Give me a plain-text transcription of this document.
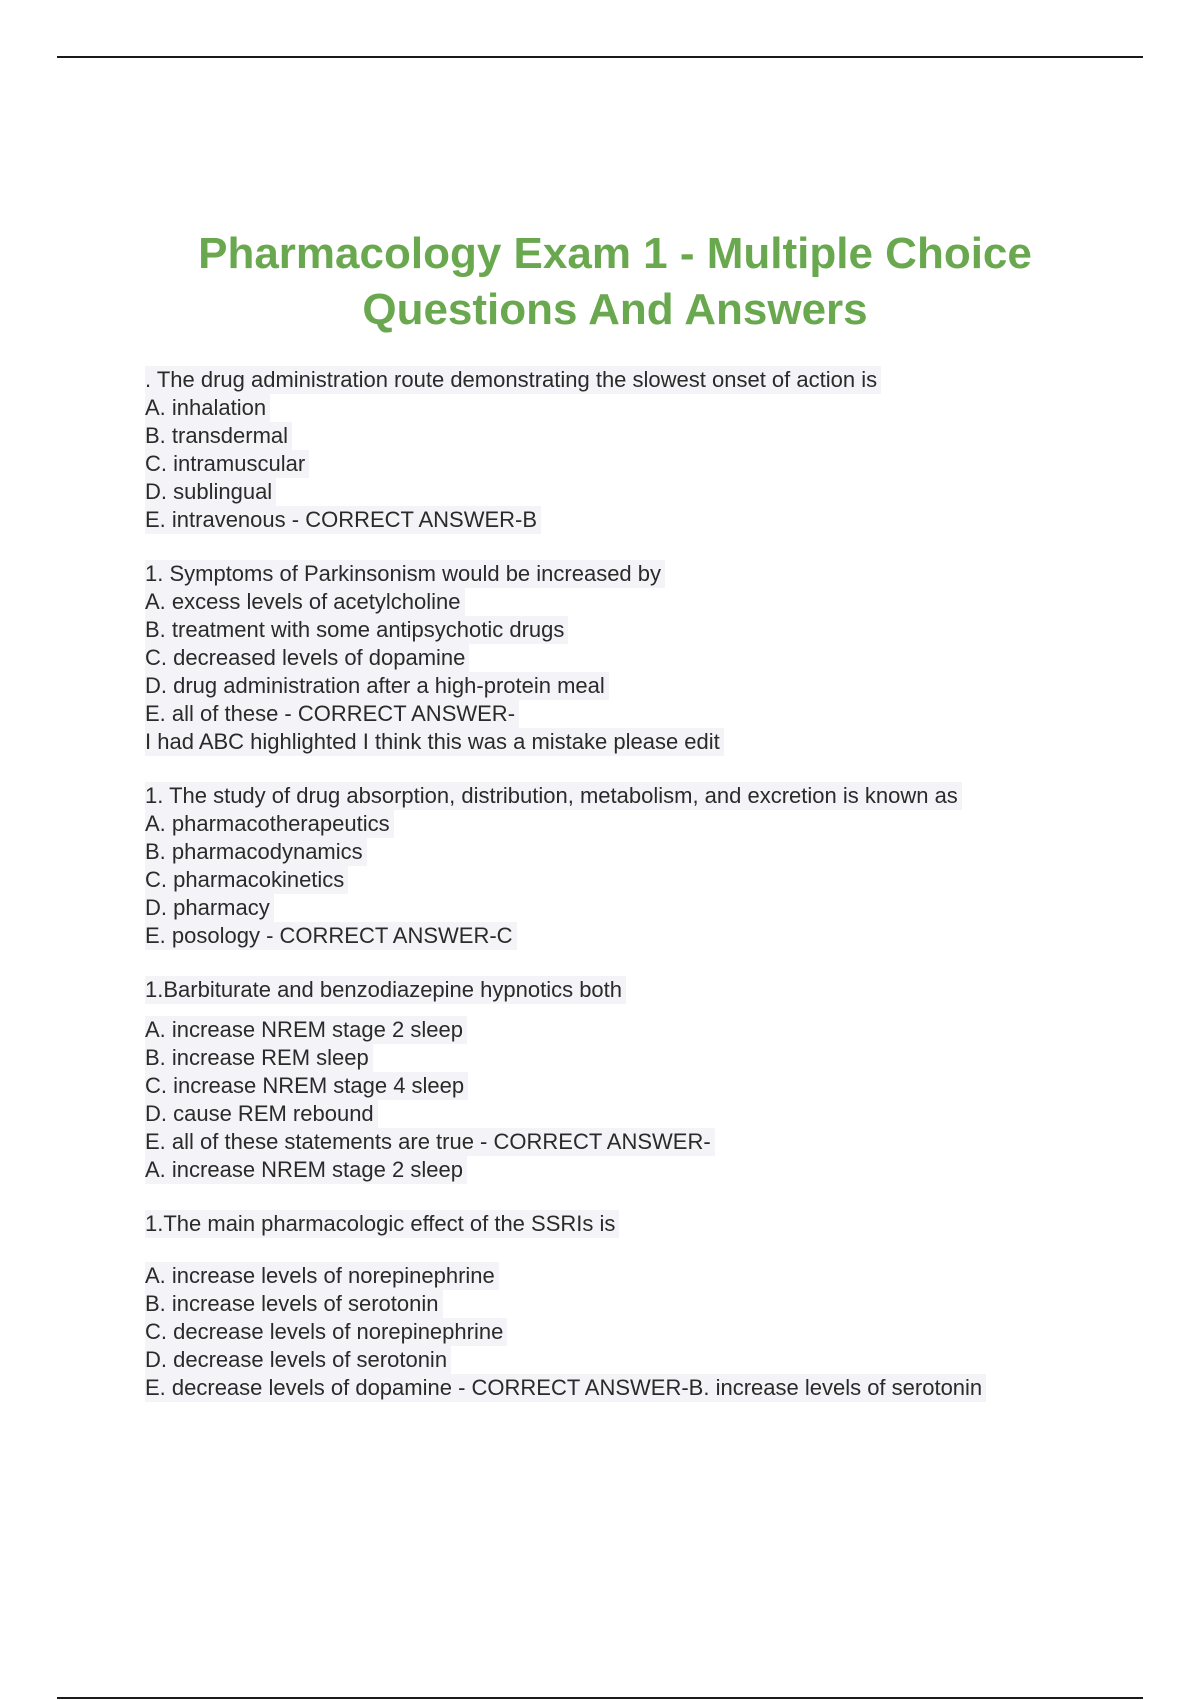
Pharmacology Exam 1 - Multiple Choice
Questions And Answers
. The drug administration route demonstrating the slowest onset of action is
A. inhalation
B. transdermal
C. intramuscular
D. sublingual
E. intravenous - CORRECT ANSWER-B
1. Symptoms of Parkinsonism would be increased by
A. excess levels of acetylcholine
B. treatment with some antipsychotic drugs
C. decreased levels of dopamine
D. drug administration after a high-protein meal
E. all of these - CORRECT ANSWER-
I had ABC highlighted I think this was a mistake please edit
1. The study of drug absorption, distribution, metabolism, and excretion is known as
A. pharmacotherapeutics
B. pharmacodynamics
C. pharmacokinetics
D. pharmacy
E. posology - CORRECT ANSWER-C
1.Barbiturate and benzodiazepine hypnotics both
A. increase NREM stage 2 sleep
B. increase REM sleep
C. increase NREM stage 4 sleep
D. cause REM rebound
E. all of these statements are true - CORRECT ANSWER-
A. increase NREM stage 2 sleep
1.The main pharmacologic effect of the SSRIs is
A. increase levels of norepinephrine
B. increase levels of serotonin
C. decrease levels of norepinephrine
D. decrease levels of serotonin
E. decrease levels of dopamine - CORRECT ANSWER-B. increase levels of serotonin
